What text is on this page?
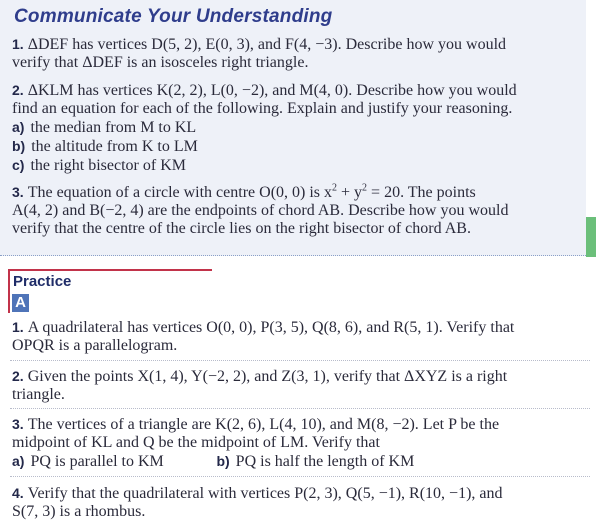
Communicate Your Understanding
1. ΔDEF has vertices D(5, 2), E(0, 3), and F(4, −3). Describe how you would
verify that ΔDEF is an isosceles right triangle.
2. ΔKLM has vertices K(2, 2), L(0, −2), and M(4, 0). Describe how you would
find an equation for each of the following. Explain and justify your reasoning.
a) the median from M to KL
b) the altitude from K to LM
c) the right bisector of KM
3. The equation of a circle with centre O(0, 0) is $x^2 + y^2 = 20$. The points
A(4, 2) and B(−2, 4) are the endpoints of chord AB. Describe how you would
verify that the centre of the circle lies on the right bisector of chord AB.
Practice
A
1. A quadrilateral has vertices O(0, 0), P(3, 5), Q(8, 6), and R(5, 1). Verify that
OPQR is a parallelogram.
2. Given the points X(1, 4), Y(−2, 2), and Z(3, 1), verify that ΔXYZ is a right
triangle.
3. The vertices of a triangle are K(2, 6), L(4, 10), and M(8, −2). Let P be the
midpoint of KL and Q be the midpoint of LM. Verify that
a) PQ is parallel to KM	b) PQ is half the length of KM
4. Verify that the quadrilateral with vertices P(2, 3), Q(5, −1), R(10, −1), and
S(7, 3) is a rhombus.
